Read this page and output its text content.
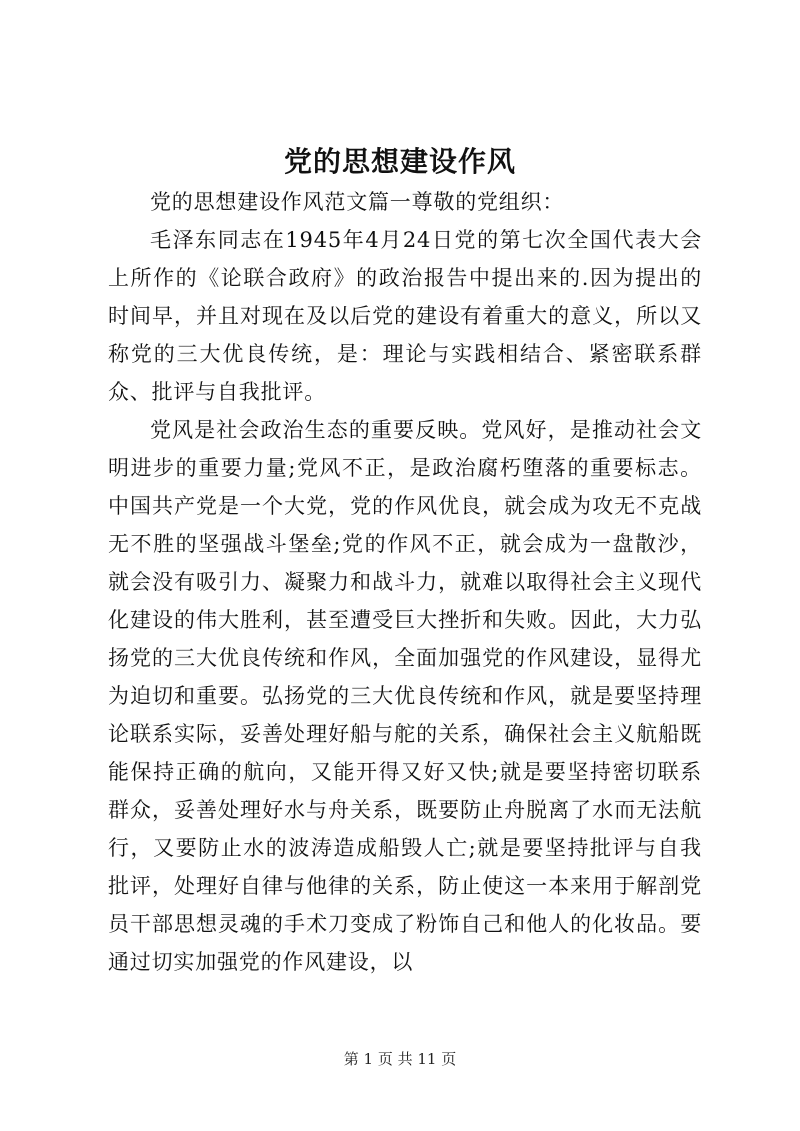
党的思想建设作风

党的思想建设作风范文篇一尊敬的党组织：

毛泽东同志在1945年4月24日党的第七次全国代表大会上所作的《论联合政府》的政治报告中提出来的.因为提出的时间早，并且对现在及以后党的建设有着重大的意义，所以又称党的三大优良传统，是：理论与实践相结合、紧密联系群众、批评与自我批评。

党风是社会政治生态的重要反映。党风好，是推动社会文明进步的重要力量;党风不正，是政治腐朽堕落的重要标志。中国共产党是一个大党，党的作风优良，就会成为攻无不克战无不胜的坚强战斗堡垒;党的作风不正，就会成为一盘散沙，就会没有吸引力、凝聚力和战斗力，就难以取得社会主义现代化建设的伟大胜利，甚至遭受巨大挫折和失败。因此，大力弘扬党的三大优良传统和作风，全面加强党的作风建设，显得尤为迫切和重要。弘扬党的三大优良传统和作风，就是要坚持理论联系实际，妥善处理好船与舵的关系，确保社会主义航船既能保持正确的航向，又能开得又好又快;就是要坚持密切联系群众，妥善处理好水与舟关系，既要防止舟脱离了水而无法航行，又要防止水的波涛造成船毁人亡;就是要坚持批评与自我批评，处理好自律与他律的关系，防止使这一本来用于解剖党员干部思想灵魂的手术刀变成了粉饰自己和他人的化妆品。要通过切实加强党的作风建设，以

第 1 页 共 11 页
